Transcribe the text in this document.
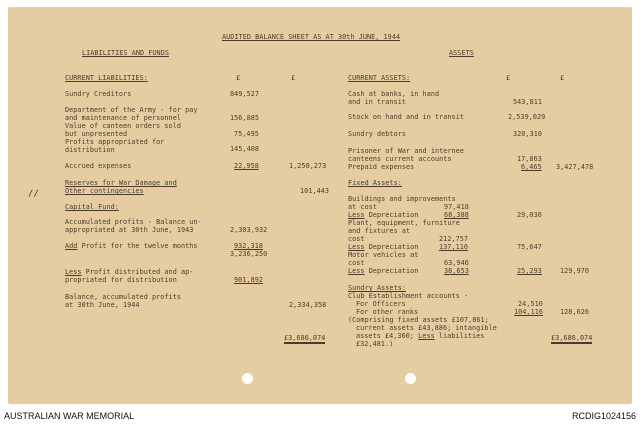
AUDITED BALANCE SHEET AS AT 30th JUNE, 1944
LIABILITIES AND FUNDS	ASSETS
CURRENT LIABILITIES:	£	£
Sundry Creditors	849,527
Department of the Army - for pay
and maintenance of personnel	156,885
Value of canteen orders sold
but unpresented	75,495
Profits appropriated for
distribution	145,408
Accrued expenses	22,958	1,250,273
//
Reserves for War Damage and
Other contingencies	101,443
Capital Fund:
Accumulated profits - Balance un-
appropriated at 30th June, 1943	2,303,932
Add Profit for the twelve months	932,318
3,236,250
Less Profit distributed and ap-
propriated for distribution	901,892
Balance, accumulated profits
at 30th June, 1944	2,334,358
£3,686,074
CURRENT ASSETS:	£	£
Cash at banks, in hand
and in transit	543,811
Stock on hand and in transit	2,539,029
Sundry debtors	320,310
Prisoner of War and internee
canteens current accounts	17,863
Prepaid expenses	6,465 3,427,478
Fixed Assets:
Buildings and improvements
at cost	97,418
Less Depreciation	68,388	29,030
Plant, equipment, furniture
and fixtures at
cost	212,757
Less Depreciation	137,110	75,647
Motor vehicles at
cost	63,946
Less Depreciation	38,653	25,293	129,970
Sundry Assets:
Club Establishment accounts -
For Officers	24,510
For other ranks	104,116	128,626
(Comprising fixed assets £107,861;
current assets £43,886; intangible
assets £4,360; Less liabilities
£32,481.)
£3,686,074
AUSTRALIAN WAR MEMORIAL	RCDIG1024156
